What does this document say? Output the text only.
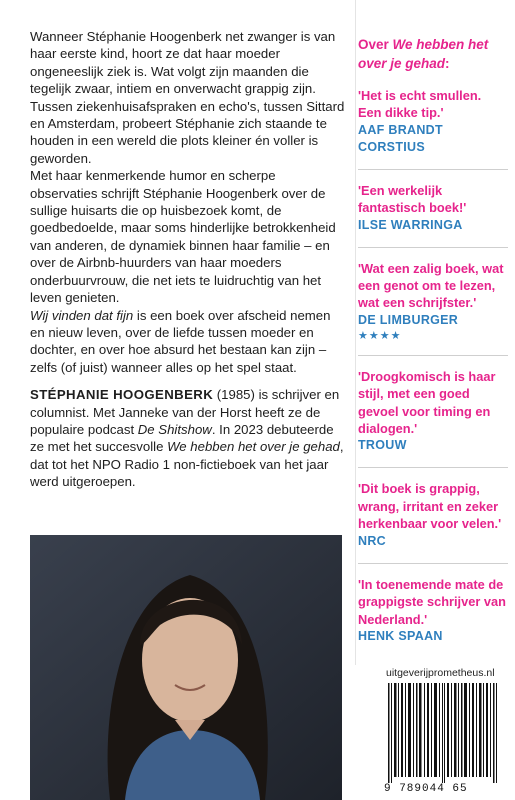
Wanneer Stéphanie Hoogenberk net zwanger is van haar eerste kind, hoort ze dat haar moeder ongeneeslijk ziek is. Wat volgt zijn maanden die tegelijk zwaar, intiem en onverwacht grappig zijn. Tussen ziekenhuisafspraken en echo's, tussen Sittard en Amsterdam, probeert Stéphanie zich staande te houden in een wereld die plots kleiner én voller is geworden.

Met haar kenmerkende humor en scherpe observaties schrijft Stéphanie Hoogenberk over de sullige huisarts die op huisbezoek komt, de goedbedoelde, maar soms hinderlijke betrokkenheid van anderen, de dynamiek binnen haar familie – en over de Airbnb-huurders van haar moeders onderbuurvrouw, die net iets te luidruchtig van het leven genieten.

Wij vinden dat fijn is een boek over afscheid nemen en nieuw leven, over de liefde tussen moeder en dochter, en over hoe absurd het bestaan kan zijn – zelfs (of juist) wanneer alles op het spel staat.

STÉPHANIE HOOGENBERK (1985) is schrijver en columnist. Met Janneke van der Horst heeft ze de populaire podcast De Shitshow. In 2023 debuteerde ze met het succesvolle We hebben het over je gehad, dat tot het NPO Radio 1 non-fictieboek van het jaar werd uitgeroepen.

Over We hebben het over je gehad:
'Het is echt smullen. Een dikke tip.'
AAF BRANDT CORSTIUS
'Een werkelijk fantastisch boek!'
ILSE WARRINGA
'Wat een zalig boek, wat een genot om te lezen, wat een schrijfster.'
DE LIMBURGER
★★★★
'Droogkomisch is haar stijl, met een goed gevoel voor timing en dialogen.'
TROUW
'Dit boek is grappig, wrang, irritant en zeker herkenbaar voor velen.'
NRC
'In toenemende mate de grappigste schrijver van Nederland.'
HENK SPAAN
uitgeverijprometheus.nl
9 789044 65
